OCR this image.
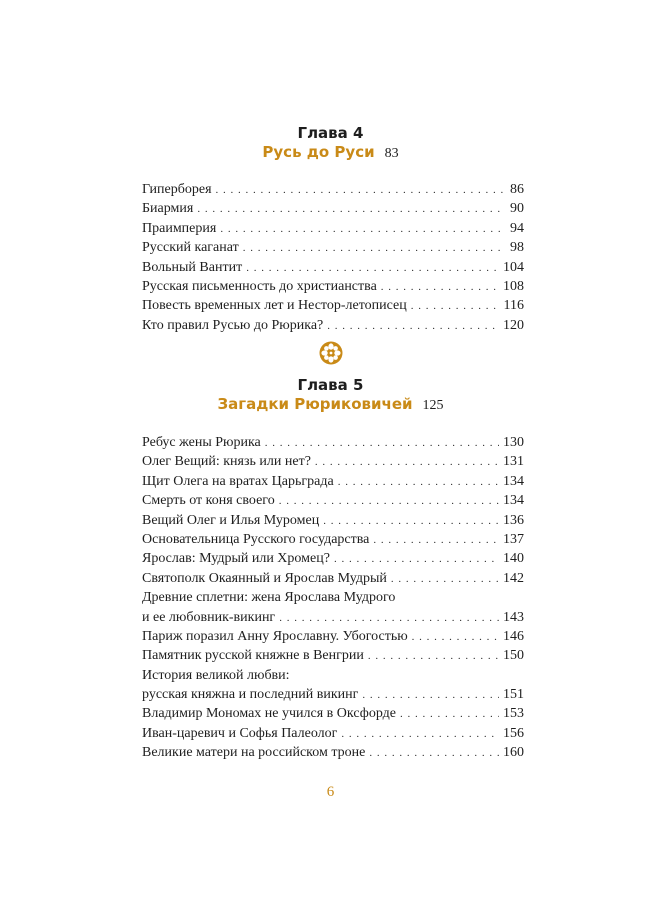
Глава 4
Русь до Руси 83
Гиперборея . . .	86
Биармия . . .	90
Праимперия . . .	94
Русский каганат . . .	98
Вольный Вантит . . .	104
Русская письменность до христианства . . .	108
Повесть временных лет и Нестор-летописец . . .	116
Кто правил Русью до Рюрика? . . .	120
Глава 5
Загадки Рюриковичей 125
Ребус жены Рюрика . . .	130
Олег Вещий: князь или нет? . . .	131
Щит Олега на вратах Царьграда . . .	134
Смерть от коня своего . . .	134
Вещий Олег и Илья Муромец . . .	136
Основательница Русского государства . . .	137
Ярослав: Мудрый или Хромец? . . .	140
Святополк Окаянный и Ярослав Мудрый . . .	142
Древние сплетни: жена Ярослава Мудрого
и ее любовник-викинг . . .	143
Париж поразил Анну Ярославну. Убогостью . . .	146
Памятник русской княжне в Венгрии . . .	150
История великой любви:
русская княжна и последний викинг . . .	151
Владимир Мономах не учился в Оксфорде . . .	153
Иван-царевич и Софья Палеолог . . .	156
Великие матери на российском троне . . .	160
6
